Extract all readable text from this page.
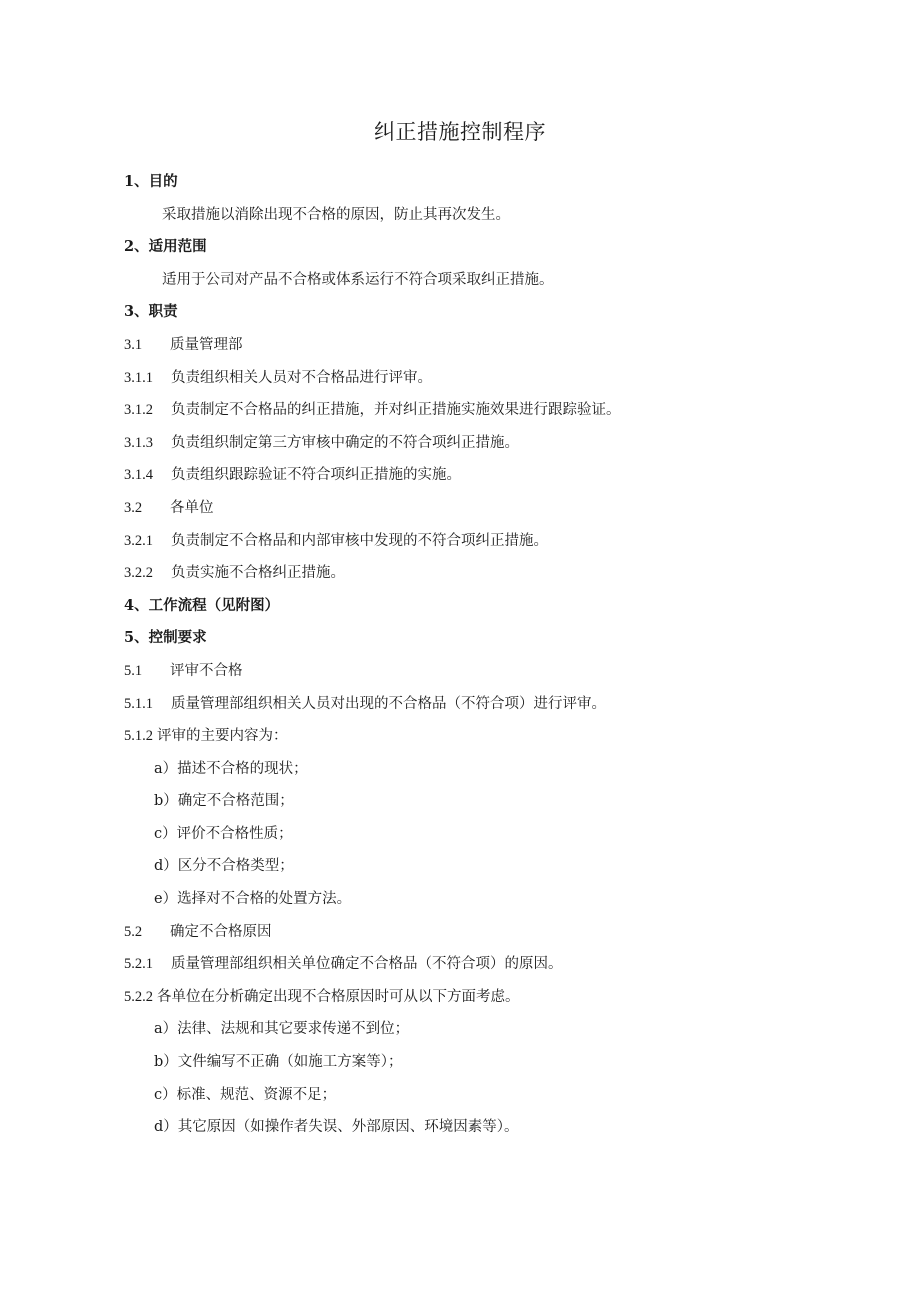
纠正措施控制程序
1、目的
采取措施以消除出现不合格的原因，防止其再次发生。
2、适用范围
适用于公司对产品不合格或体系运行不符合项采取纠正措施。
3、职责
3.1 质量管理部
3.1.1 负责组织相关人员对不合格品进行评审。
3.1.2 负责制定不合格品的纠正措施，并对纠正措施实施效果进行跟踪验证。
3.1.3 负责组织制定第三方审核中确定的不符合项纠正措施。
3.1.4 负责组织跟踪验证不符合项纠正措施的实施。
3.2 各单位
3.2.1 负责制定不合格品和内部审核中发现的不符合项纠正措施。
3.2.2 负责实施不合格纠正措施。
4、工作流程（见附图）
5、控制要求
5.1 评审不合格
5.1.1 质量管理部组织相关人员对出现的不合格品（不符合项）进行评审。
5.1.2 评审的主要内容为：
a）描述不合格的现状；
b）确定不合格范围；
c）评价不合格性质；
d）区分不合格类型；
e）选择对不合格的处置方法。
5.2 确定不合格原因
5.2.1 质量管理部组织相关单位确定不合格品（不符合项）的原因。
5.2.2 各单位在分析确定出现不合格原因时可从以下方面考虑。
a）法律、法规和其它要求传递不到位；
b）文件编写不正确（如施工方案等）；
c）标准、规范、资源不足；
d）其它原因（如操作者失误、外部原因、环境因素等）。
